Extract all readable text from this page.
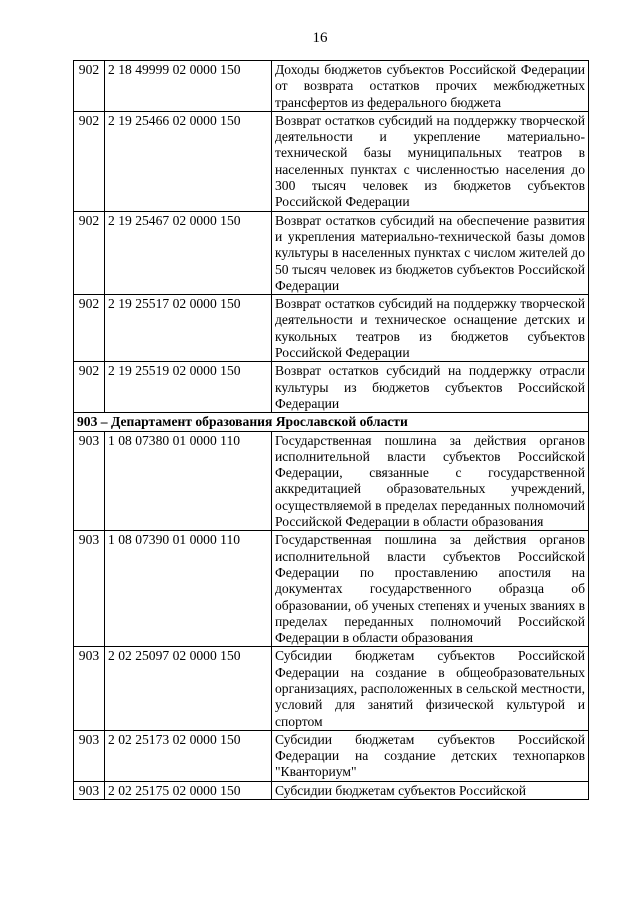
16
902	2 18 49999 02 0000 150	Доходы бюджетов субъектов Российской Федерации от возврата остатков прочих межбюджетных трансфертов из федерального бюджета
902	2 19 25466 02 0000 150	Возврат остатков субсидий на поддержку творческой деятельности и укрепление материально-технической базы муниципальных театров в населенных пунктах с численностью населения до 300 тысяч человек из бюджетов субъектов Российской Федерации
902	2 19 25467 02 0000 150	Возврат остатков субсидий на обеспечение развития и укрепления материально-технической базы домов культуры в населенных пунктах с числом жителей до 50 тысяч человек из бюджетов субъектов Российской Федерации
902	2 19 25517 02 0000 150	Возврат остатков субсидий на поддержку творческой деятельности и техническое оснащение детских и кукольных театров из бюджетов субъектов Российской Федерации
902	2 19 25519 02 0000 150	Возврат остатков субсидий на поддержку отрасли культуры из бюджетов субъектов Российской Федерации
903 – Департамент образования Ярославской области		
903	1 08 07380 01 0000 110	Государственная пошлина за действия органов исполнительной власти субъектов Российской Федерации, связанные с государственной аккредитацией образовательных учреждений, осуществляемой в пределах переданных полномочий Российской Федерации в области образования
903	1 08 07390 01 0000 110	Государственная пошлина за действия органов исполнительной власти субъектов Российской Федерации по проставлению апостиля на документах государственного образца об образовании, об ученых степенях и ученых званиях в пределах переданных полномочий Российской Федерации в области образования
903	2 02 25097 02 0000 150	Субсидии бюджетам субъектов Российской Федерации на создание в общеобразовательных организациях, расположенных в сельской местности, условий для занятий физической культурой и спортом
903	2 02 25173 02 0000 150	Субсидии бюджетам субъектов Российской Федерации на создание детских технопарков "Кванториум"
903	2 02 25175 02 0000 150	Субсидии бюджетам субъектов Российской
